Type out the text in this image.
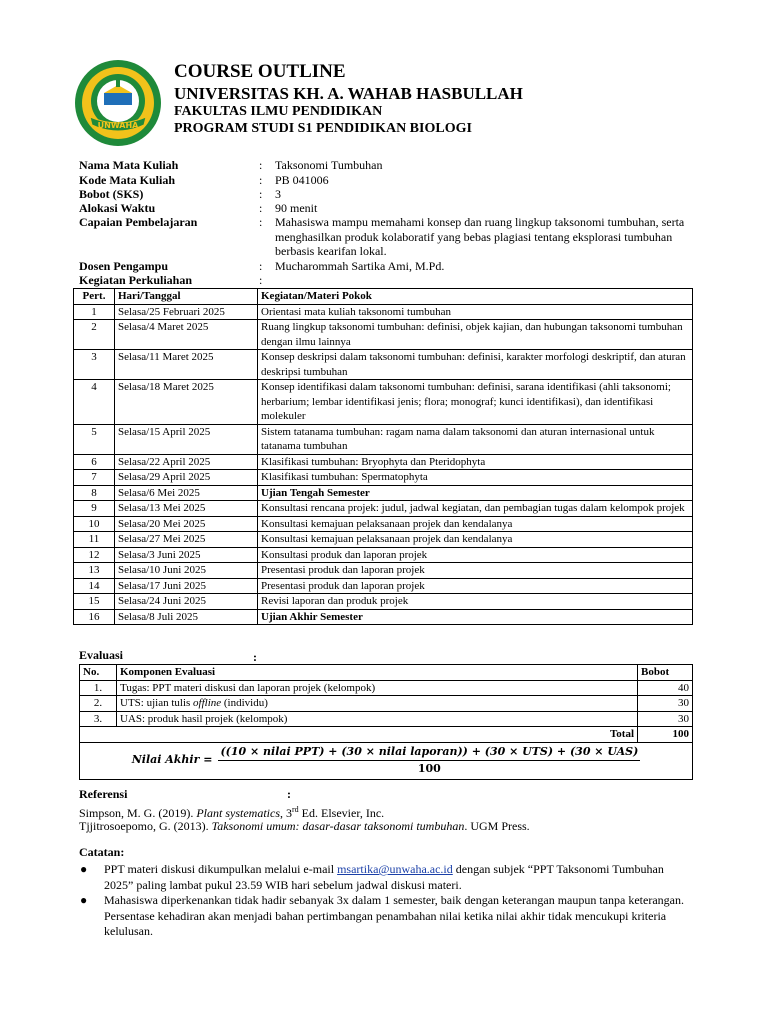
UNWAHA
COURSE OUTLINE
UNIVERSITAS KH. A. WAHAB HASBULLAH
FAKULTAS ILMU PENDIDIKAN
PROGRAM STUDI S1 PENDIDIKAN BIOLOGI
Nama Mata Kuliah	: Taksonomi Tumbuhan
Kode Mata Kuliah	: PB 041006
Bobot (SKS)	: 3
Alokasi Waktu	: 90 menit
Capaian Pembelajaran	: Mahasiswa mampu memahami konsep dan ruang lingkup taksonomi tumbuhan, serta menghasilkan produk kolaboratif yang bebas plagiasi tentang eksplorasi tumbuhan berbasis kearifan lokal.
Dosen Pengampu	: Mucharommah Sartika Ami, M.Pd.
Kegiatan Perkuliahan	:
Pert.	Hari/Tanggal	Kegiatan/Materi Pokok
1	Selasa/25 Februari 2025	Orientasi mata kuliah taksonomi tumbuhan
2	Selasa/4 Maret 2025	Ruang lingkup taksonomi tumbuhan: definisi, objek kajian, dan hubungan taksonomi tumbuhan dengan ilmu lainnya
3	Selasa/11 Maret 2025	Konsep deskripsi dalam taksonomi tumbuhan: definisi, karakter morfologi deskriptif, dan aturan deskripsi tumbuhan
4	Selasa/18 Maret 2025	Konsep identifikasi dalam taksonomi tumbuhan: definisi, sarana identifikasi (ahli taksonomi; herbarium; lembar identifikasi jenis; flora; monograf; kunci identifikasi), dan identifikasi molekuler
5	Selasa/15 April 2025	Sistem tatanama tumbuhan: ragam nama dalam taksonomi dan aturan internasional untuk tatanama tumbuhan
6	Selasa/22 April 2025	Klasifikasi tumbuhan: Bryophyta dan Pteridophyta
7	Selasa/29 April 2025	Klasifikasi tumbuhan: Spermatophyta
8	Selasa/6 Mei 2025	Ujian Tengah Semester
9	Selasa/13 Mei 2025	Konsultasi rencana projek: judul, jadwal kegiatan, dan pembagian tugas dalam kelompok projek
10	Selasa/20 Mei 2025	Konsultasi kemajuan pelaksanaan projek dan kendalanya
11	Selasa/27 Mei 2025	Konsultasi kemajuan pelaksanaan projek dan kendalanya
12	Selasa/3 Juni 2025	Konsultasi produk dan laporan projek
13	Selasa/10 Juni 2025	Presentasi produk dan laporan projek
14	Selasa/17 Juni 2025	Presentasi produk dan laporan projek
15	Selasa/24 Juni 2025	Revisi laporan dan produk projek
16	Selasa/8 Juli 2025	Ujian Akhir Semester
Evaluasi	:
No.	Komponen Evaluasi	Bobot
1.	Tugas: PPT materi diskusi dan laporan projek (kelompok)	40
2.	UTS: ujian tulis offline (individu)	30
3.	UAS: produk hasil projek (kelompok)	30
Total		100

Nilai Akhir =
((10 × nilai PPT) + (30 × nilai laporan)) + (30 × UTS) + (30 × UAS)
100		
Referensi	:
Simpson, M. G. (2019). Plant systematics, 3rd Ed. Elsevier, Inc.
Tjjitrosoepomo, G. (2013). Taksonomi umum: dasar-dasar taksonomi tumbuhan. UGM Press.
Catatan:
● PPT materi diskusi dikumpulkan melalui e-mail msartika@unwaha.ac.id dengan subjek “PPT Taksonomi Tumbuhan 2025” paling lambat pukul 23.59 WIB hari sebelum jadwal diskusi materi.
● Mahasiswa diperkenankan tidak hadir sebanyak 3x dalam 1 semester, baik dengan keterangan maupun tanpa keterangan. Persentase kehadiran akan menjadi bahan pertimbangan penambahan nilai ketika nilai akhir tidak mencukupi kriteria kelulusan.
